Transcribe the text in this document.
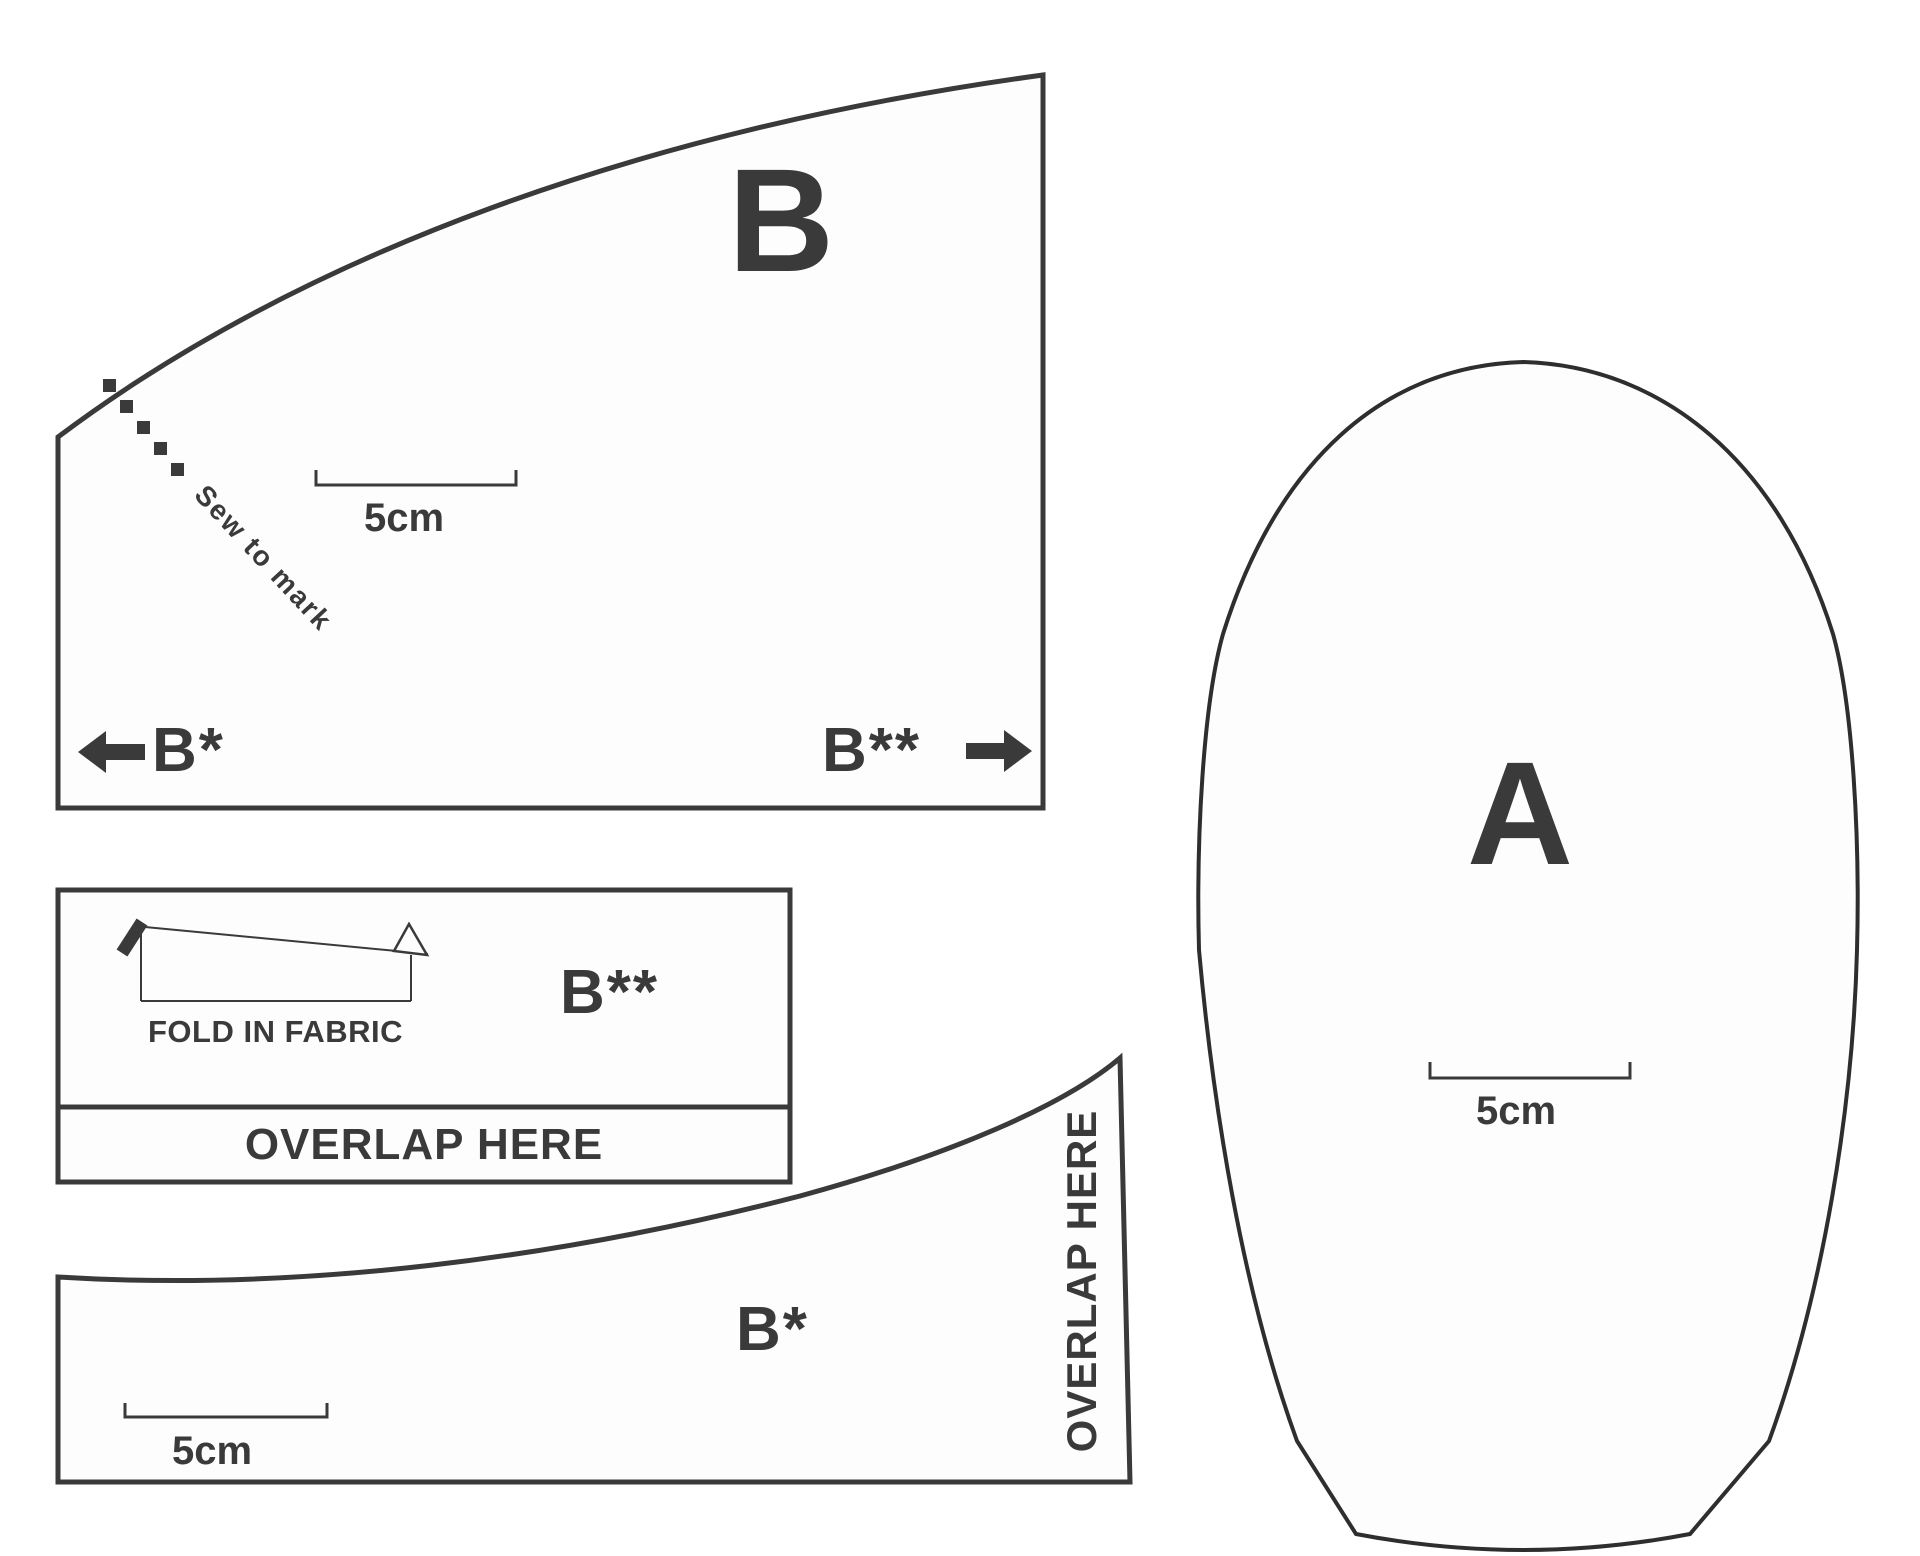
Sew to mark 5cm
B
B*	B**
FOLD IN FABRIC
B**
OVERLAP HERE
B*
5cm	OVERLAP HERE
A
5cm
